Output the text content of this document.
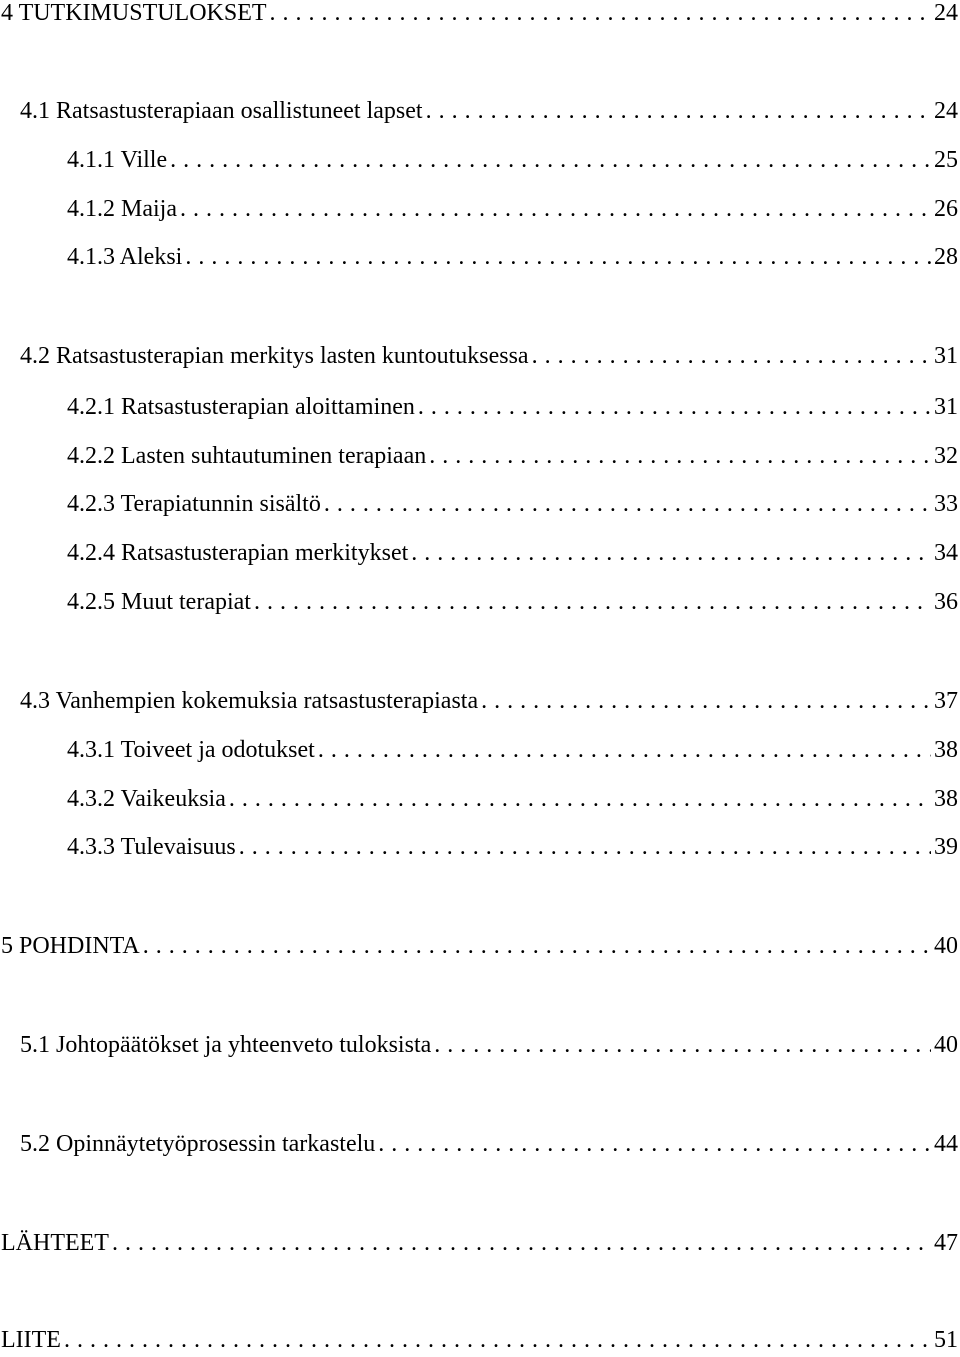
4 TUTKIMUSTULOKSET . . .	24
4.1 Ratsastusterapiaan osallistuneet lapset . . .	24
4.1.1 Ville . . .	25
4.1.2 Maija . . .	26
4.1.3 Aleksi . . .	28
4.2 Ratsastusterapian merkitys lasten kuntoutuksessa . . .	31
4.2.1 Ratsastusterapian aloittaminen . . .	31
4.2.2 Lasten suhtautuminen terapiaan . . .	32
4.2.3 Terapiatunnin sisältö . . .	33
4.2.4 Ratsastusterapian merkitykset . . .	34
4.2.5 Muut terapiat . . .	36
4.3 Vanhempien kokemuksia ratsastusterapiasta . . .	37
4.3.1 Toiveet ja odotukset . . .	38
4.3.2 Vaikeuksia . . .	38
4.3.3 Tulevaisuus . . .	39
5 POHDINTA . . .	40
5.1 Johtopäätökset ja yhteenveto tuloksista . . .	40
5.2 Opinnäytetyöprosessin tarkastelu . . .	44
LÄHTEET . . .	47
LIITE . . .	51
